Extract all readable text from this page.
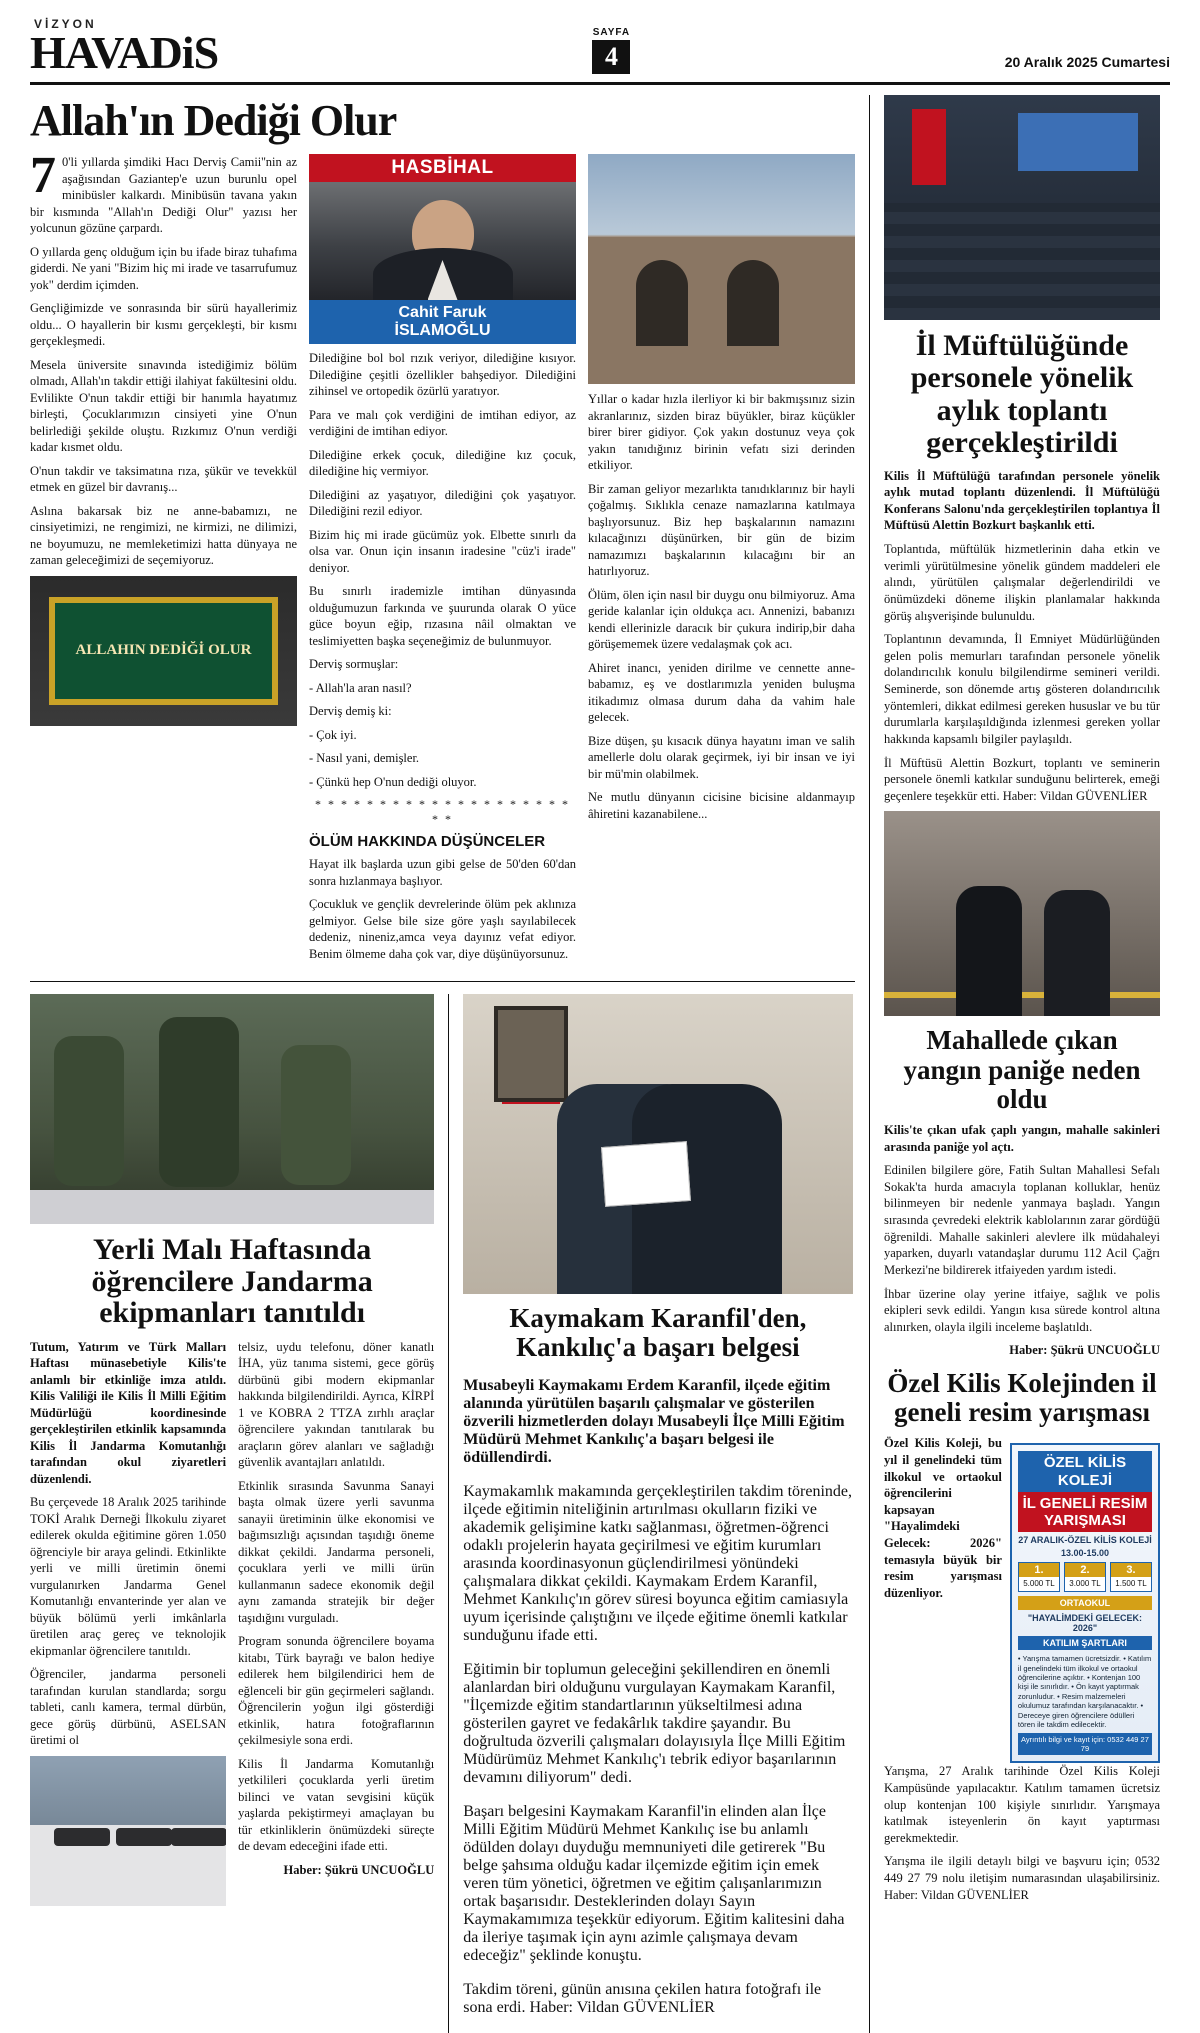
VİZYON
HAVADiS	SAYFA
4	20 Aralık 2025 Cumartesi
Allah'ın Dediği Olur

7 0'li yıllarda şimdiki Hacı Derviş Camii''nin az aşağısından Gaziantep'e uzun burunlu opel minibüsler kalkardı. Minibüsün tavana yakın bir kısmında "Allah'ın Dediği Olur" yazısı her yolcunun gözüne çarpardı.

O yıllarda genç olduğum için bu ifade biraz tuhafıma giderdi. Ne yani "Bizim hiç mi irade ve tasarrufumuz yok" derdim içimden.

Gençliğimizde ve sonrasında bir sürü hayallerimiz oldu... O hayallerin bir kısmı gerçekleşti, bir kısmı gerçekleşmedi.

Mesela üniversite sınavında istediğimiz bölüm olmadı, Allah'ın takdir ettiği ilahiyat fakültesini oldu. Evlilikte O'nun takdir ettiği bir hanımla hayatımız birleşti, Çocuklarımızın cinsiyeti yine O'nun belirlediği şekilde oluştu. Rızkımız O'nun verdiği kadar kısmet oldu.

O'nun takdir ve taksimatına rıza, şükür ve tevekkül etmek en güzel bir davranış...

Aslına bakarsak biz ne anne-babamızı, ne cinsiyetimizi, ne rengimizi, ne kirmizi, ne dilimizi, ne boyumuzu, ne memleketimizi hatta dünyaya ne zaman geleceğimizi de seçemiyoruz.

ALLAHIN DEDİĞİ OLUR
HASBİHAL
Cahit Faruk
İSLAMOĞLU

Dilediğine bol bol rızık veriyor, dilediğine kısıyor. Dilediğine çeşitli özellikler bahşediyor. Dilediğini zihinsel ve ortopedik özürlü yaratıyor.

Para ve malı çok verdiğini de imtihan ediyor, az verdiğini de imtihan ediyor.

Dilediğine erkek çocuk, dilediğine kız çocuk, dilediğine hiç vermiyor.

Dilediğini az yaşatıyor, dilediğini çok yaşatıyor. Dilediğini rezil ediyor.

Bizim hiç mi irade gücümüz yok. Elbette sınırlı da olsa var. Onun için insanın iradesine "cüz'i irade" deniyor.

Bu sınırlı irademizle imtihan dünyasında olduğumuzun farkında ve şuurunda olarak O yüce güce boyun eğip, rızasına nâil olmaktan ve teslimiyetten başka seçeneğimiz de bulunmuyor.

Derviş sormuşlar:

- Allah'la aran nasıl?

Derviş demiş ki:

- Çok iyi.

- Nasıl yani, demişler.

- Çünkü hep O'nun dediği oluyor.

* * * * * * * * * * * * * * * * * * * * * *
ÖLÜM HAKKINDA DÜŞÜNCELER

Hayat ilk başlarda uzun gibi gelse de 50'den 60'dan sonra hızlanmaya başlıyor.

Çocukluk ve gençlik devrelerinde ölüm pek aklınıza gelmiyor. Gelse bile size göre yaşlı sayılabilecek dedeniz, nineniz,amca veya dayınız vefat ediyor. Benim ölmeme daha çok var, diye düşünüyorsunuz.

Yıllar o kadar hızla ilerliyor ki bir bakmışsınız sizin akranlarınız, sizden biraz büyükler, biraz küçükler birer birer gidiyor. Çok yakın dostunuz veya çok yakın tanıdığınız birinin vefatı sizi derinden etkiliyor.

Bir zaman geliyor mezarlıkta tanıdıklarınız bir hayli çoğalmış. Sıklıkla cenaze namazlarına katılmaya başlıyorsunuz. Biz hep başkalarının namazını kılacağınızı düşünürken, bir gün de bizim namazımızı başkalarının kılacağını bir an hatırlıyoruz.

Ölüm, ölen için nasıl bir duygu onu bilmiyoruz. Ama geride kalanlar için oldukça acı. Annenizi, babanızı kendi ellerinizle daracık bir çukura indirip,bir daha görüşememek üzere vedalaşmak çok acı.

Ahiret inancı, yeniden dirilme ve cennette anne-babamız, eş ve dostlarımızla yeniden buluşma itikadımız olmasa durum daha da vahim hale gelecek.

Bize düşen, şu kısacık dünya hayatını iman ve salih amellerle dolu olarak geçirmek, iyi bir insan ve iyi bir mü'min olabilmek.

Ne mutlu dünyanın cicisine bicisine aldanmayıp âhiretini kazanabilene...

Yerli Malı Haftasında öğrencilere Jandarma ekipmanları tanıtıldı

Tutum, Yatırım ve Türk Malları Haftası münasebetiyle Kilis'te anlamlı bir etkinliğe imza atıldı. Kilis Valiliği ile Kilis İl Milli Eğitim Müdürlüğü koordinesinde gerçekleştirilen etkinlik kapsamında Kilis İl Jandarma Komutanlığı tarafından okul ziyaretleri düzenlendi.

Bu çerçevede 18 Aralık 2025 tarihinde TOKİ Aralık Derneği İlkokulu ziyaret edilerek okulda eğitimine gören 1.050 öğrenciyle bir araya gelindi. Etkinlikte yerli ve milli üretimin önemi vurgulanırken Jandarma Genel Komutanlığı envanterinde yer alan ve büyük bölümü yerli imkânlarla üretilen araç gereç ve teknolojik ekipmanlar öğrencilere tanıtıldı.

Öğrenciler, jandarma personeli tarafından kurulan standlarda; sorgu tableti, canlı kamera, termal dürbün, gece görüş dürbünü, ASELSAN üretimi ol

telsiz, uydu telefonu, döner kanatlı İHA, yüz tanıma sistemi, gece görüş dürbünü gibi modern ekipmanlar hakkında bilgilendirildi. Ayrıca, KİRPİ 1 ve KOBRA 2 TTZA zırhlı araçlar öğrencilere yakından tanıtılarak bu araçların görev alanları ve sağladığı güvenlik avantajları anlatıldı.

Etkinlik sırasında Savunma Sanayi başta olmak üzere yerli savunma sanayii üretiminin ülke ekonomisi ve bağımsızlığı açısından taşıdığı öneme dikkat çekildi. Jandarma personeli, çocuklara yerli ve milli ürün kullanmanın sadece ekonomik değil aynı zamanda stratejik bir değer taşıdığını vurguladı.

Program sonunda öğrencilere boyama kitabı, Türk bayrağı ve balon hediye edilerek hem bilgilendirici hem de eğlenceli bir gün geçirmeleri sağlandı. Öğrencilerin yoğun ilgi gösterdiği etkinlik, hatıra fotoğraflarının çekilmesiyle sona erdi.

Kilis İl Jandarma Komutanlığı yetkilileri çocuklarda yerli üretim bilinci ve vatan sevgisini küçük yaşlarda pekiştirmeyi amaçlayan bu tür etkinliklerin önümüzdeki süreçte de devam edeceğini ifade etti.

Haber: Şükrü UNCUOĞLU

Kaymakam Karanfil'den, Kankılıç'a başarı belgesi

Musabeyli Kaymakamı Erdem Karanfil, ilçede eğitim alanında yürütülen başarılı çalışmalar ve gösterilen özverili hizmetlerden dolayı Musabeyli İlçe Milli Eğitim Müdürü Mehmet Kankılıç'a başarı belgesi ile ödüllendirdi.

Kaymakamlık makamında gerçekleştirilen takdim töreninde, ilçede eğitimin niteliğinin artırılması okulların fiziki ve akademik gelişimine katkı sağlanması, öğretmen-öğrenci odaklı projelerin hayata geçirilmesi ve eğitim kurumları arasında koordinasyonun güçlendirilmesi yönündeki çalışmalara dikkat çekildi. Kaymakam Erdem Karanfil, Mehmet Kankılıç'ın görev süresi boyunca eğitim camiasıyla uyum içerisinde çalıştığını ve ilçede eğitime önemli katkılar sunduğunu ifade etti.

Eğitimin bir toplumun geleceğini şekillendiren en önemli alanlardan biri olduğunu vurgulayan Kaymakam Karanfil, "İlçemizde eğitim standartlarının yükseltilmesi adına gösterilen gayret ve fedakârlık takdire şayandır. Bu doğrultuda özverili çalışmaları dolayısıyla İlçe Milli Eğitim Müdürümüz Mehmet Kankılıç'ı tebrik ediyor başarılarının devamını diliyorum" dedi.

Başarı belgesini Kaymakam Karanfil'in elinden alan İlçe Milli Eğitim Müdürü Mehmet Kankılıç ise bu anlamlı ödülden dolayı duyduğu memnuniyeti dile getirerek "Bu belge şahsıma olduğu kadar ilçemizde eğitim için emek veren tüm yönetici, öğretmen ve eğitim çalışanlarımızın ortak başarısıdır. Desteklerinden dolayı Sayın Kaymakamımıza teşekkür ediyorum. Eğitim kalitesini daha da ileriye taşımak için aynı azimle çalışmaya devam edeceğiz" şeklinde konuştu.

Takdim töreni, günün anısına çekilen hatıra fotoğrafı ile sona erdi. Haber: Vildan GÜVENLİER

İl Müftülüğünde personele yönelik aylık toplantı gerçekleştirildi

Kilis İl Müftülüğü tarafından personele yönelik aylık mutad toplantı düzenlendi. İl Müftülüğü Konferans Salonu'nda gerçekleştirilen toplantıya İl Müftüsü Alettin Bozkurt başkanlık etti.

Toplantıda, müftülük hizmetlerinin daha etkin ve verimli yürütülmesine yönelik gündem maddeleri ele alındı, yürütülen çalışmalar değerlendirildi ve önümüzdeki döneme ilişkin planlamalar hakkında görüş alışverişinde bulunuldu.

Toplantının devamında, İl Emniyet Müdürlüğünden gelen polis memurları tarafından personele yönelik dolandırıcılık konulu bilgilendirme semineri verildi. Seminerde, son dönemde artış gösteren dolandırıcılık yöntemleri, dikkat edilmesi gereken hususlar ve bu tür durumlarla karşılaşıldığında izlenmesi gereken yollar hakkında kapsamlı bilgiler paylaşıldı.

İl Müftüsü Alettin Bozkurt, toplantı ve seminerin personele önemli katkılar sunduğunu belirterek, emeği geçenlere teşekkür etti. Haber: Vildan GÜVENLİER

Mahallede çıkan yangın paniğe neden oldu

Kilis'te çıkan ufak çaplı yangın, mahalle sakinleri arasında paniğe yol açtı.

Edinilen bilgilere göre, Fatih Sultan Mahallesi Sefalı Sokak'ta hurda amacıyla toplanan kolluklar, henüz bilinmeyen bir nedenle yanmaya başladı. Yangın sırasında çevredeki elektrik kablolarının zarar gördüğü öğrenildi. Mahalle sakinleri alevlere ilk müdahaleyi yaparken, duyarlı vatandaşlar durumu 112 Acil Çağrı Merkezi'ne bildirerek itfaiyeden yardım istedi.

İhbar üzerine olay yerine itfaiye, sağlık ve polis ekipleri sevk edildi. Yangın kısa sürede kontrol altına alınırken, olayla ilgili inceleme başlatıldı.

Haber: Şükrü UNCUOĞLU

Özel Kilis Kolejinden il geneli resim yarışması

Özel Kilis Koleji, bu yıl il genelindeki tüm ilkokul ve ortaokul öğrencilerini kapsayan "Hayalimdeki Gelecek: 2026" temasıyla büyük bir resim yarışması düzenliyor.

ÖZEL KİLİS KOLEJİ
İL GENELİ RESİM YARIŞMASI
27 ARALIK-ÖZEL KİLİS KOLEJİ
13.00-15.00
1.
5.000 TL
2.
3.000 TL
3.
1.500 TL
ORTAOKUL
"HAYALİMDEKİ GELECEK: 2026"
KATILIM ŞARTLARI
• Yarışma tamamen ücretsizdir. • Katılım il genelindeki tüm ilkokul ve ortaokul öğrencilerine açıktır. • Kontenjan 100 kişi ile sınırlıdır. • Ön kayıt yaptırmak zorunludur. • Resim malzemeleri okulumuz tarafından karşılanacaktır. • Dereceye giren öğrencilere ödülleri tören ile takdim edilecektir.
Ayrıntılı bilgi ve kayıt için: 0532 449 27 79

Yarışma, 27 Aralık tarihinde Özel Kilis Koleji Kampüsünde yapılacaktır. Katılım tamamen ücretsiz olup kontenjan 100 kişiyle sınırlıdır. Yarışmaya katılmak isteyenlerin ön kayıt yaptırması gerekmektedir.

Yarışma ile ilgili detaylı bilgi ve başvuru için; 0532 449 27 79 nolu iletişim numarasından ulaşabilirsiniz. Haber: Vildan GÜVENLİER
